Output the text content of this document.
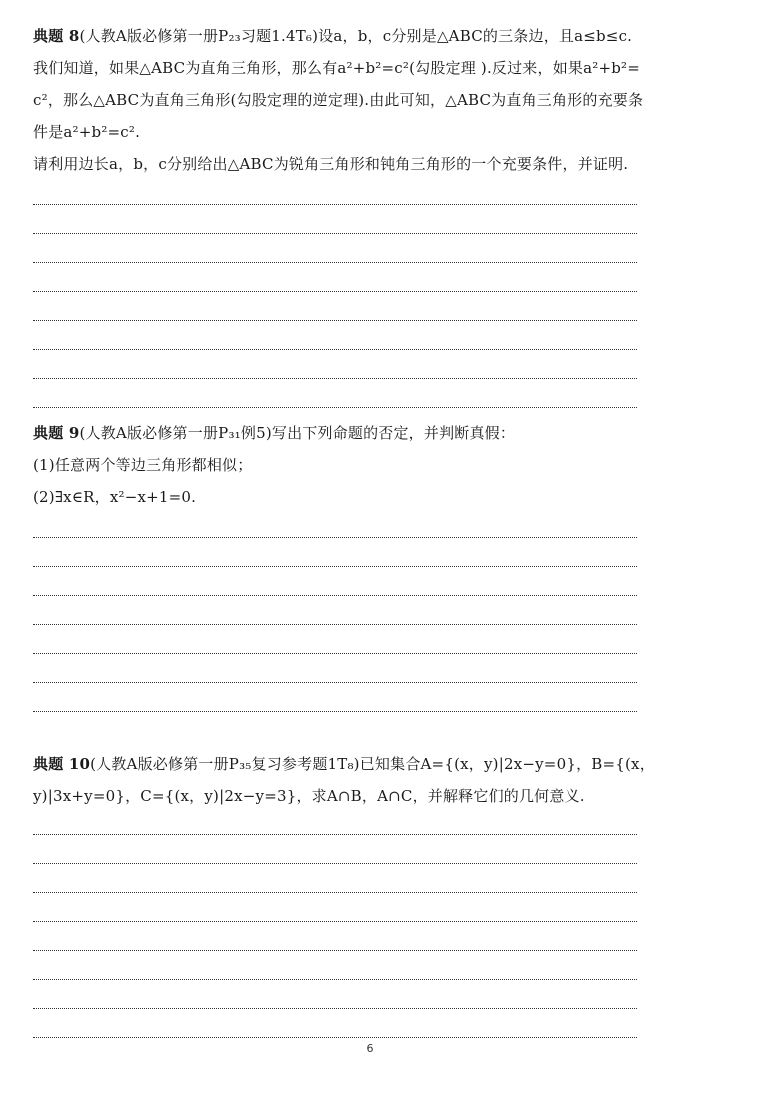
典题 8(人教A版必修第一册P₂₃习题1.4T₆)设a，b，c分别是△ABC的三条边，且a≤b≤c.
我们知道，如果△ABC为直角三角形，那么有a²+b²=c²(勾股定理 ).反过来，如果a²+b²=
c²，那么△ABC为直角三角形(勾股定理的逆定理).由此可知，△ABC为直角三角形的充要条
件是a²+b²=c².
请利用边长a，b，c分别给出△ABC为锐角三角形和钝角三角形的一个充要条件，并证明.
典题 9(人教A版必修第一册P₃₁例5)写出下列命题的否定，并判断真假：
(1)任意两个等边三角形都相似；
(2)∃x∈R，x²−x+1=0.
典题 10(人教A版必修第一册P₃₅复习参考题1T₈)已知集合A={(x，y)|2x−y=0}，B={(x，
y)|3x+y=0}，C={(x，y)|2x−y=3}，求A∩B，A∩C，并解释它们的几何意义.
6
